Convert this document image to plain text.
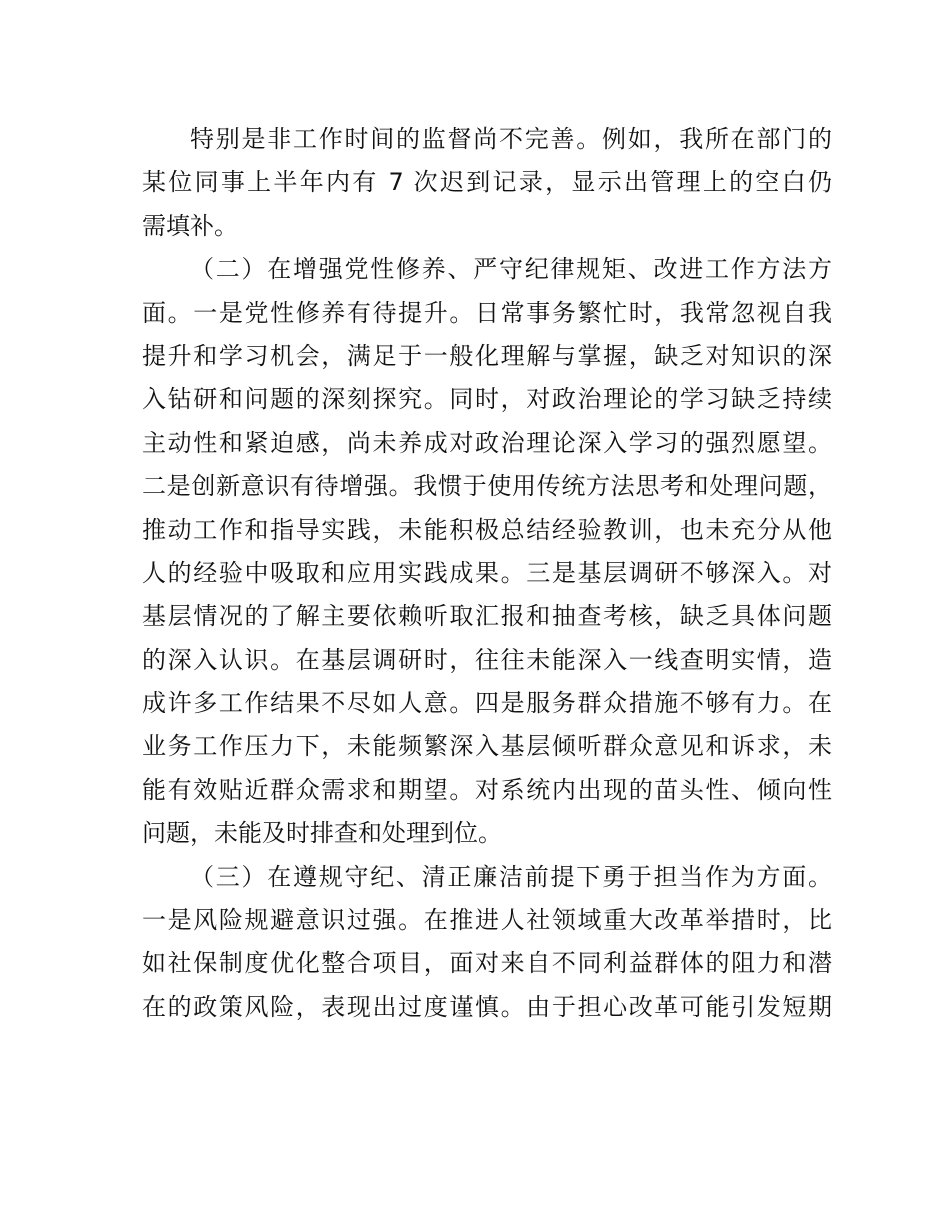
特别是非工作时间的监督尚不完善。例如，我所在部门的
某位同事上半年内有 7 次迟到记录，显示出管理上的空白仍
需填补。
（二）在增强党性修养、严守纪律规矩、改进工作方法方
面。一是党性修养有待提升。日常事务繁忙时，我常忽视自我
提升和学习机会，满足于一般化理解与掌握，缺乏对知识的深
入钻研和问题的深刻探究。同时，对政治理论的学习缺乏持续
主动性和紧迫感，尚未养成对政治理论深入学习的强烈愿望。
二是创新意识有待增强。我惯于使用传统方法思考和处理问题，
推动工作和指导实践，未能积极总结经验教训，也未充分从他
人的经验中吸取和应用实践成果。三是基层调研不够深入。对
基层情况的了解主要依赖听取汇报和抽查考核，缺乏具体问题
的深入认识。在基层调研时，往往未能深入一线查明实情，造
成许多工作结果不尽如人意。四是服务群众措施不够有力。在
业务工作压力下，未能频繁深入基层倾听群众意见和诉求，未
能有效贴近群众需求和期望。对系统内出现的苗头性、倾向性
问题，未能及时排查和处理到位。
（三）在遵规守纪、清正廉洁前提下勇于担当作为方面。
一是风险规避意识过强。在推进人社领域重大改革举措时，比
如社保制度优化整合项目，面对来自不同利益群体的阻力和潜
在的政策风险，表现出过度谨慎。由于担心改革可能引发短期
